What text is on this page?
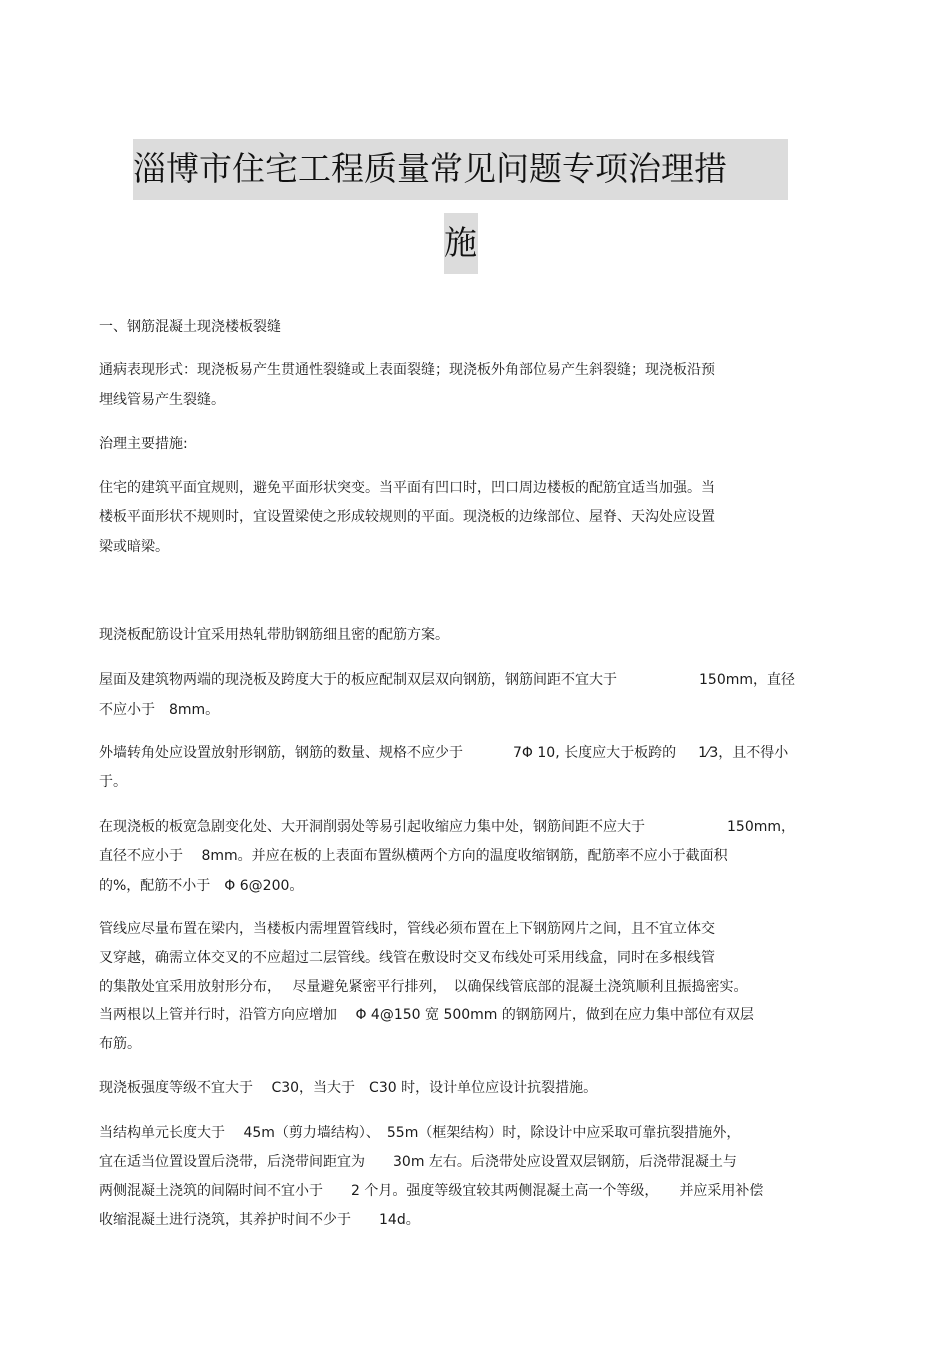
淄博市住宅工程质量常见问题专项治理措
施
一、钢筋混凝土现浇楼板裂缝
通病表现形式：现浇板易产生贯通性裂缝或上表面裂缝；现浇板外角部位易产生斜裂缝；现浇板沿预
埋线管易产生裂缝。
治理主要措施:
住宅的建筑平面宜规则，避免平面形状突变。当平面有凹口时，凹口周边楼板的配筋宜适当加强。当
楼板平面形状不规则时，宜设置梁使之形成较规则的平面。现浇板的边缘部位、屋脊、天沟处应设置
梁或暗梁。
现浇板配筋设计宜采用热轧带肋钢筋细且密的配筋方案。
屋面及建筑物两端的现浇板及跨度大于的板应配制双层双向钢筋，钢筋间距不宜大于	150mm，直径
不应小于　8mm。
外墙转角处应设置放射形钢筋，钢筋的数量、规格不应少于	7Φ 10, 长度应大于板跨的 1⁄3，且不得小
于。
在现浇板的板宽急剧变化处、大开洞削弱处等易引起收缩应力集中处，钢筋间距不应大于	150mm，
直径不应小于　 8mm。并应在板的上表面布置纵横两个方向的温度收缩钢筋，配筋率不应小于截面积
的%，配筋不小于　Φ 6@200。
管线应尽量布置在梁内，当楼板内需埋置管线时，管线必须布置在上下钢筋网片之间，且不宜立体交
叉穿越，确需立体交叉的不应超过二层管线。线管在敷设时交叉布线处可采用线盒，同时在多根线管
的集散处宜采用放射形分布，　 尽量避免紧密平行排列，　以确保线管底部的混凝土浇筑顺利且振捣密实。
当两根以上管并行时，沿管方向应增加　 Φ 4@150 宽 500mm 的钢筋网片，做到在应力集中部位有双层
布筋。
现浇板强度等级不宜大于　 C30，当大于　C30 时，设计单位应设计抗裂措施。
当结构单元长度大于　 45m（剪力墙结构）、　55m（框架结构）时，除设计中应采取可靠抗裂措施外，
宜在适当位置设置后浇带，后浇带间距宜为　　30m 左右。后浇带处应设置双层钢筋，后浇带混凝土与
两侧混凝土浇筑的间隔时间不宜小于　　2 个月。强度等级宜较其两侧混凝土高一个等级，　　并应采用补偿
收缩混凝土进行浇筑，其养护时间不少于　　14d。
